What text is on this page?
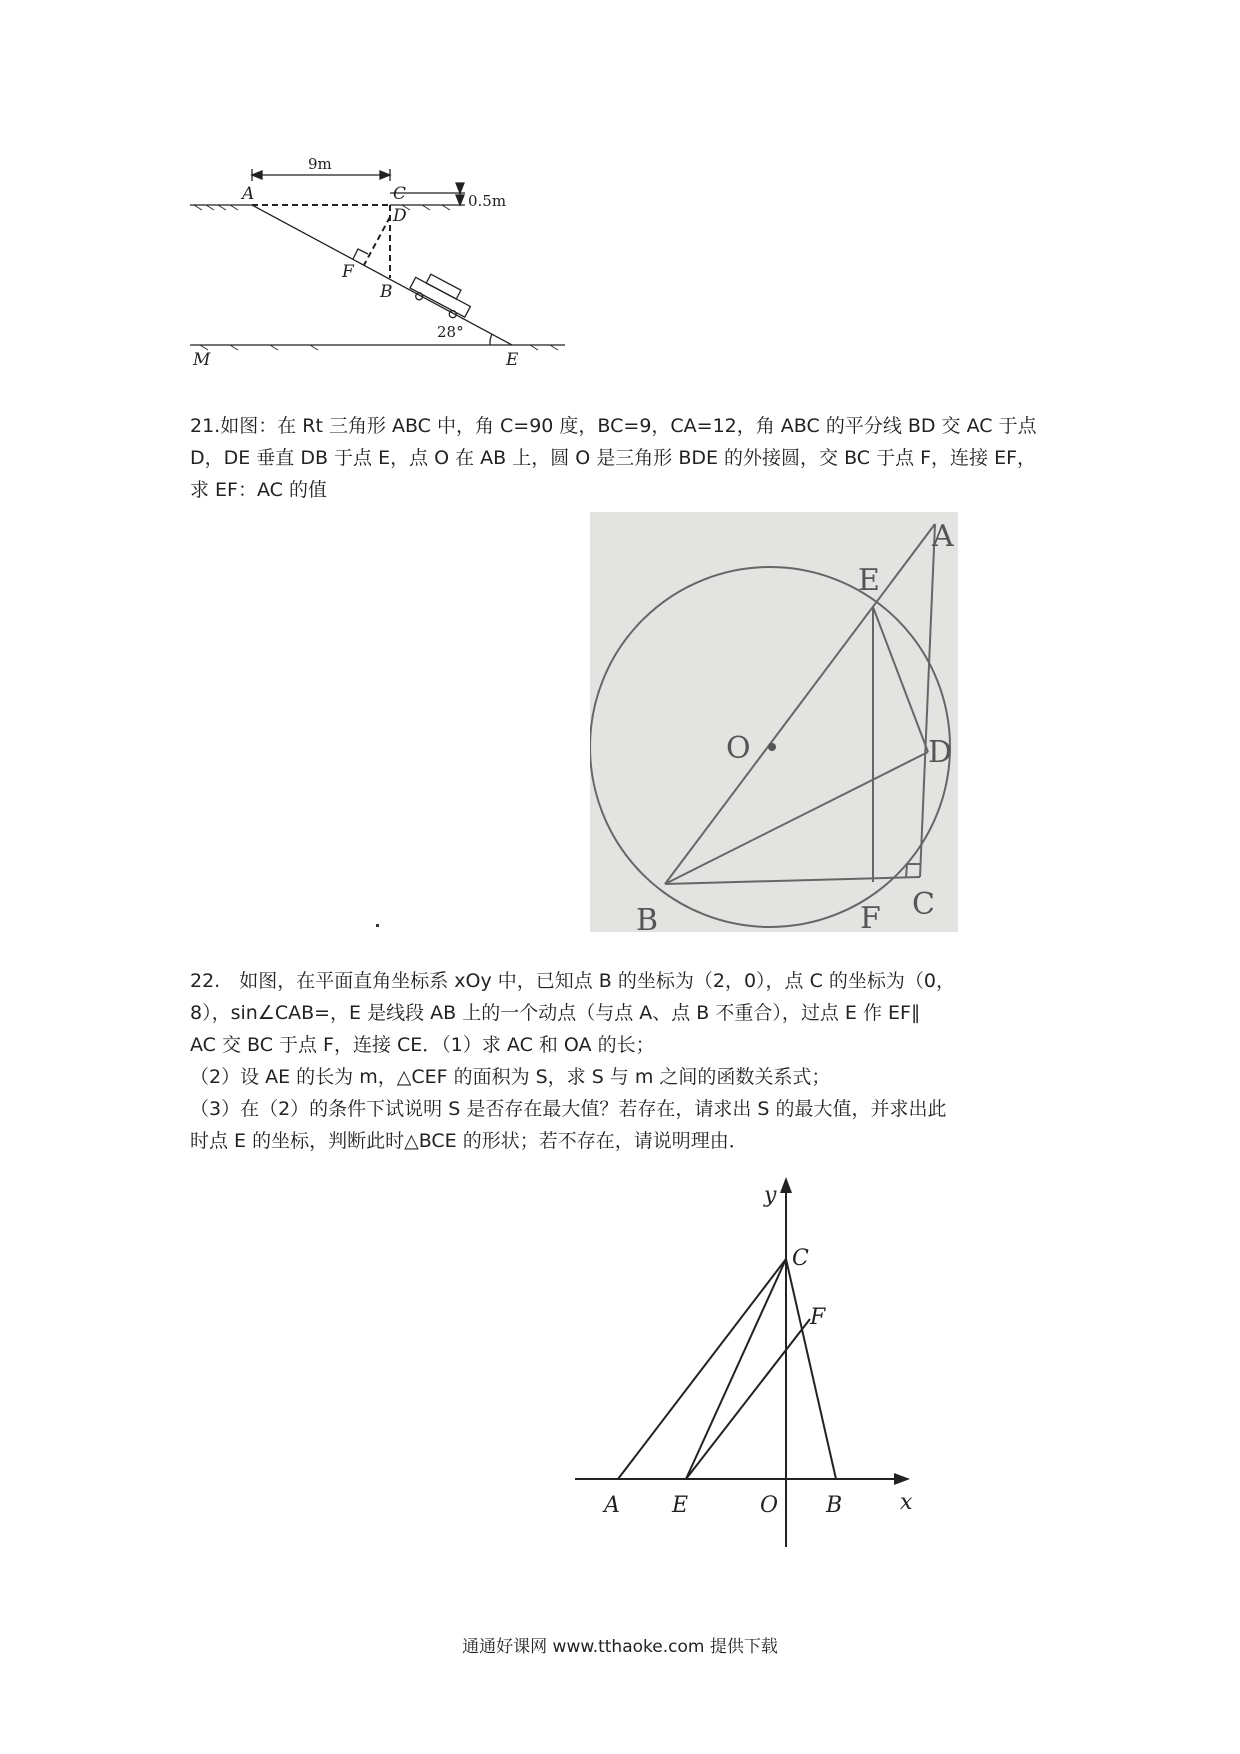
A	C
D
F
B
M	E
9m
0.5m
28°
21.如图：在 Rt 三角形 ABC 中，角 C=90 度，BC=9，CA=12，角 ABC 的平分线 BD 交 AC 于点
D，DE 垂直 DB 于点 E，点 O 在 AB 上，圆 O 是三角形 BDE 的外接圆，交 BC 于点 F，连接 EF，
求 EF：AC 的值
E
A
O	D
B	F C
22.　如图，在平面直角坐标系 xOy 中，已知点 B 的坐标为（2，0），点 C 的坐标为（0，
8），sin∠CAB=，E 是线段 AB 上的一个动点（与点 A、点 B 不重合），过点 E 作 EF∥
AC 交 BC 于点 F，连接 CE．（1）求 AC 和 OA 的长；
（2）设 AE 的长为 m，△CEF 的面积为 S，求 S 与 m 之间的函数关系式；
（3）在（2）的条件下试说明 S 是否存在最大值？若存在，请求出 S 的最大值，并求出此
时点 E 的坐标，判断此时△BCE 的形状；若不存在，请说明理由．
y
C
F
A E	O B	x
通通好课网 www.tthaoke.com 提供下载
